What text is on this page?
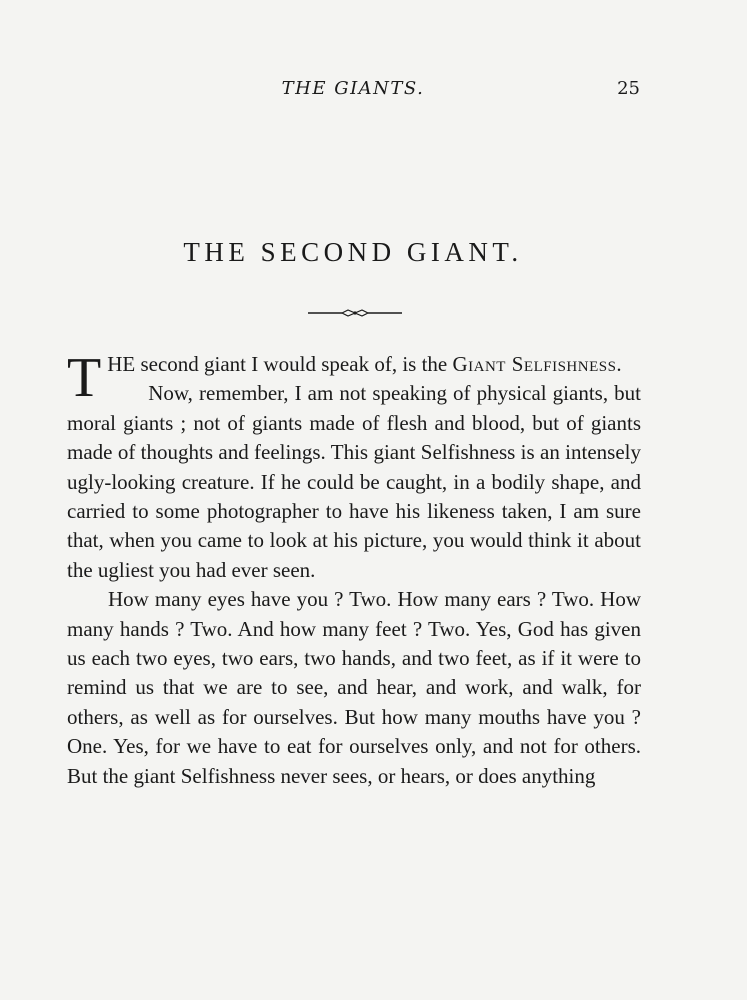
THE GIANTS.	25
THE SECOND GIANT.

THE second giant I would speak of, is the Giant Selfishness.

Now, remember, I am not speaking of physical giants, but moral giants ; not of giants made of flesh and blood, but of giants made of thoughts and feelings. This giant Selfishness is an intensely ugly-looking creature. If he could be caught, in a bodily shape, and carried to some photographer to have his likeness taken, I am sure that, when you came to look at his picture, you would think it about the ugliest you had ever seen.

How many eyes have you ? Two. How many ears ? Two. How many hands ? Two. And how many feet ? Two. Yes, God has given us each two eyes, two ears, two hands, and two feet, as if it were to remind us that we are to see, and hear, and work, and walk, for others, as well as for ourselves. But how many mouths have you ? One. Yes, for we have to eat for ourselves only, and not for others. But the giant Selfishness never sees, or hears, or does anything
